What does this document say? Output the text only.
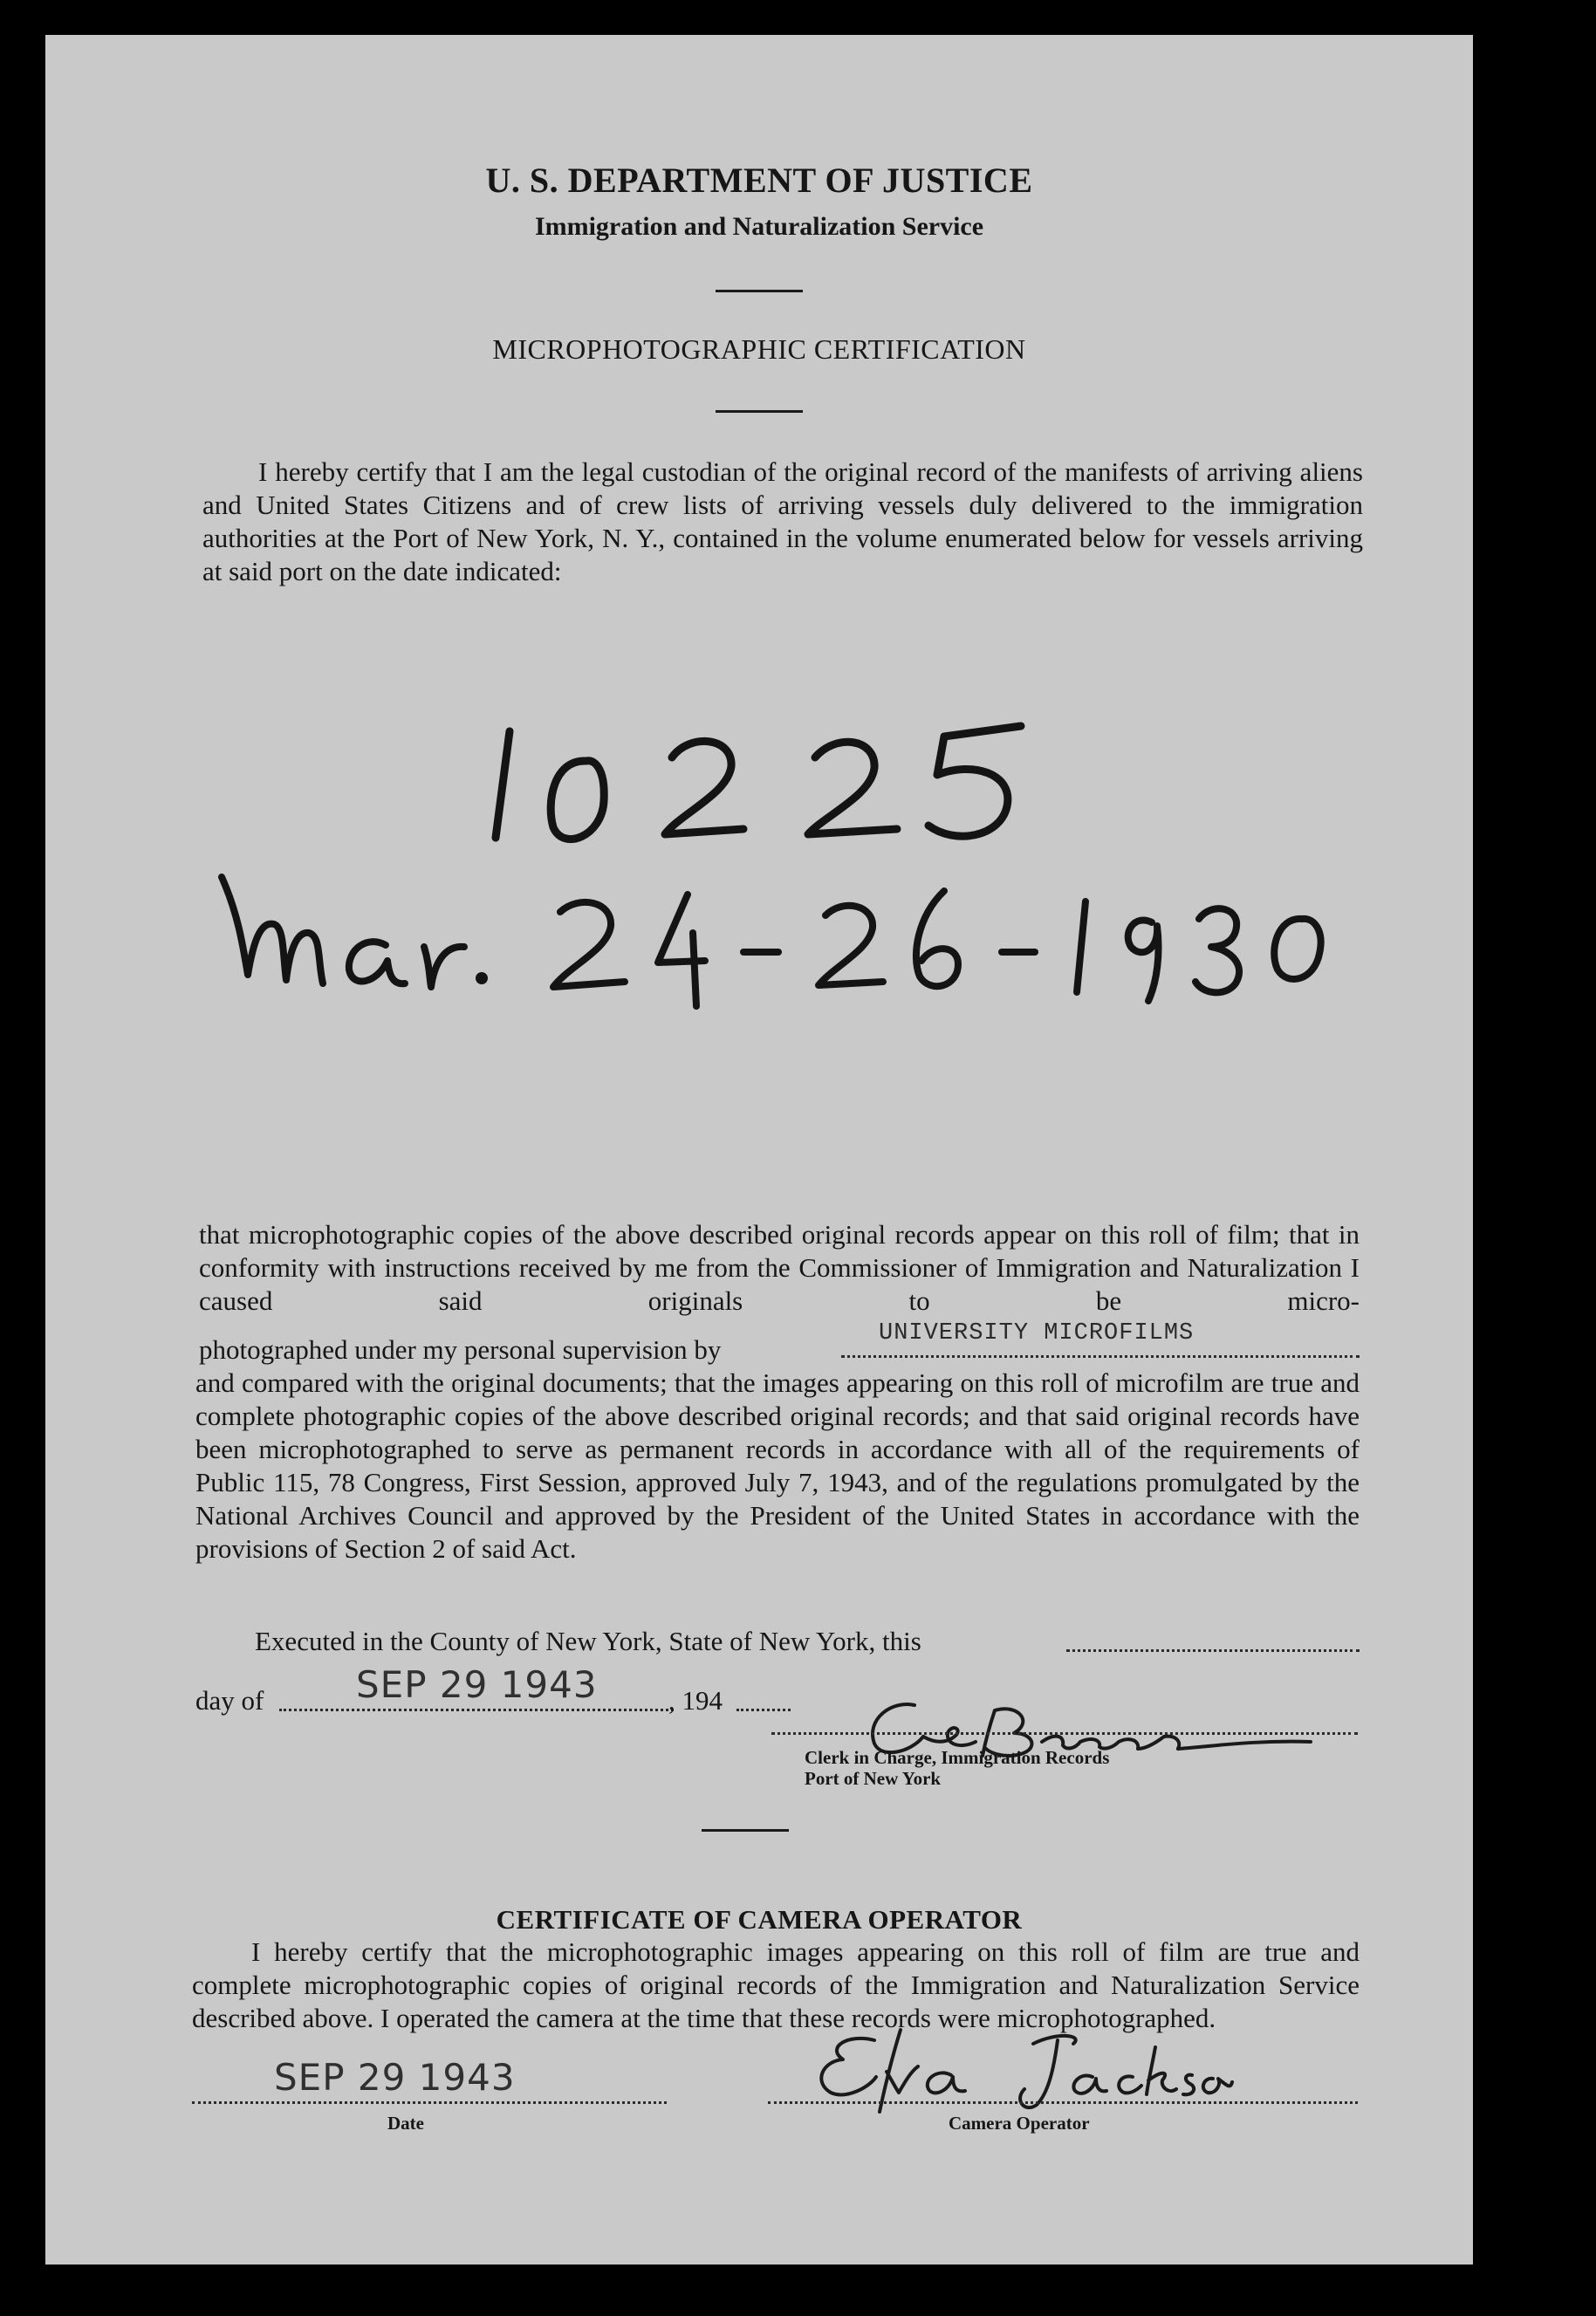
U. S. DEPARTMENT OF JUSTICE
Immigration and Naturalization Service
MICROPHOTOGRAPHIC CERTIFICATION
I hereby certify that I am the legal custodian of the original record of the manifests of arriving aliens and United States Citizens and of crew lists of arriving vessels duly delivered to the immigration authorities at the Port of New York, N. Y., contained in the volume enumerated below for vessels arriving at said port on the date indicated:
that microphotographic copies of the above described original records appear on this roll of film; that in conformity with instructions received by me from the Commissioner of Immigration and Naturalization I caused said originals to be micro-
photographed under my personal supervision by
UNIVERSITY MICROFILMS
and compared with the original documents; that the images appearing on this roll of microfilm are true and complete photographic copies of the above described original records; and that said original records have been microphotographed to serve as permanent records in accordance with all of the requirements of Public 115, 78 Congress, First Session, approved July 7, 1943, and of the regulations promulgated by the National Archives Council and approved by the President of the United States in accordance with the provisions of Section 2 of said Act.
Executed in the County of New York, State of New York, this
day of	SEP 29 1943	, 194
Clerk in Charge, Immigration Records
Port of New York
CERTIFICATE OF CAMERA OPERATOR
I hereby certify that the microphotographic images appearing on this roll of film are true and complete microphotographic copies of original records of the Immigration and Naturalization Service described above. I operated the camera at the time that these records were microphotographed.
SEP 29 1943
Date	Camera Operator
